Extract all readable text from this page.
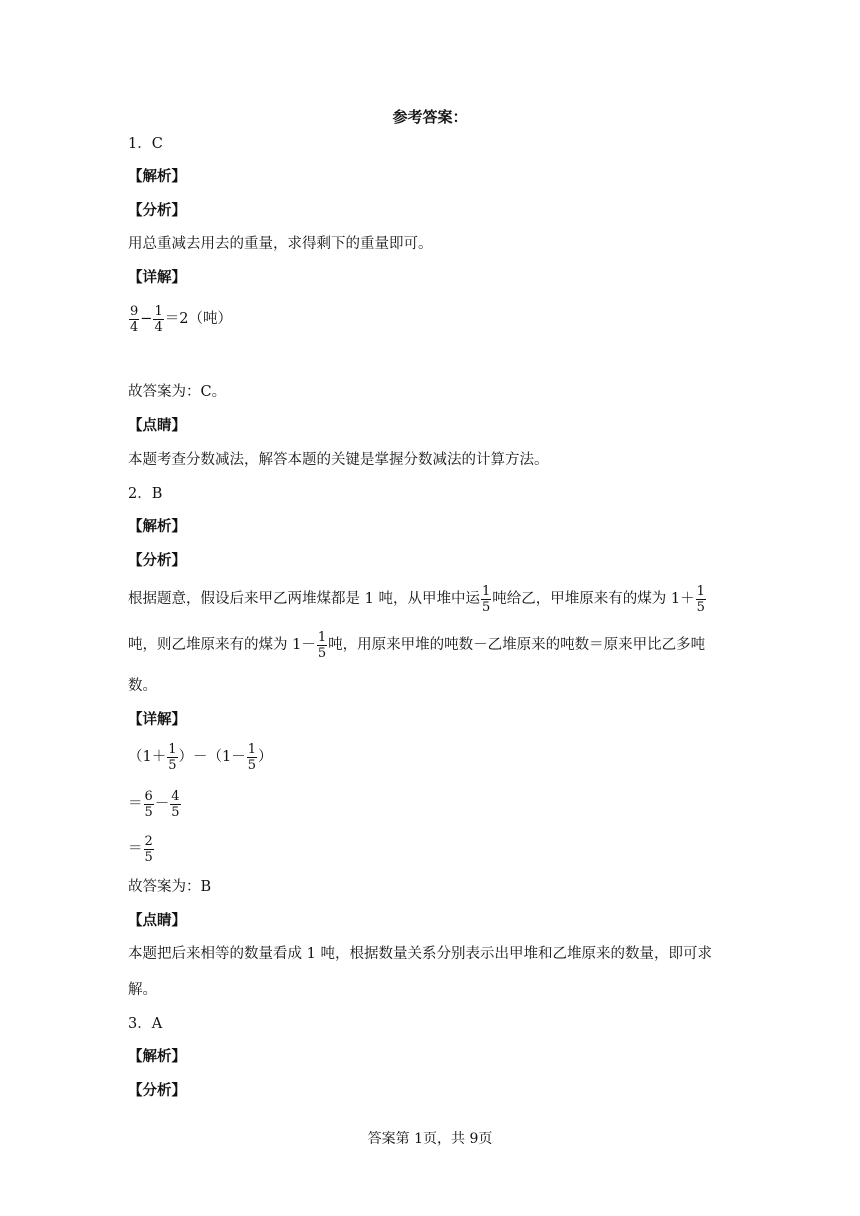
参考答案：
1．C
【解析】
【分析】
用总重减去用去的重量，求得剩下的重量即可。
【详解】
$\frac{9}{4} - \frac{1}{4} =2$（吨）
故答案为：C。
【点睛】
本题考查分数减法，解答本题的关键是掌握分数减法的计算方法。
2．B
【解析】
【分析】
根据题意，假设后来甲乙两堆煤都是 1 吨，从甲堆中运 $\frac{1}{5}$ 吨给乙，甲堆原来有的煤为 $1+ \frac{1}{5}$
吨，则乙堆原来有的煤为 $1- \frac{1}{5}$ 吨，用原来甲堆的吨数－乙堆原来的吨数＝原来甲比乙多吨
数。
【详解】
$(1+ \frac{1}{5} )-(1- \frac{1}{5}$ ）
＝ $\frac{6}{5} - \frac{4}{5}$
＝ $\frac{2}{5}$
故答案为：B
【点睛】
本题把后来相等的数量看成 1 吨，根据数量关系分别表示出甲堆和乙堆原来的数量，即可求
解。
3．A
【解析】
【分析】
答案第 1页，共 9页
